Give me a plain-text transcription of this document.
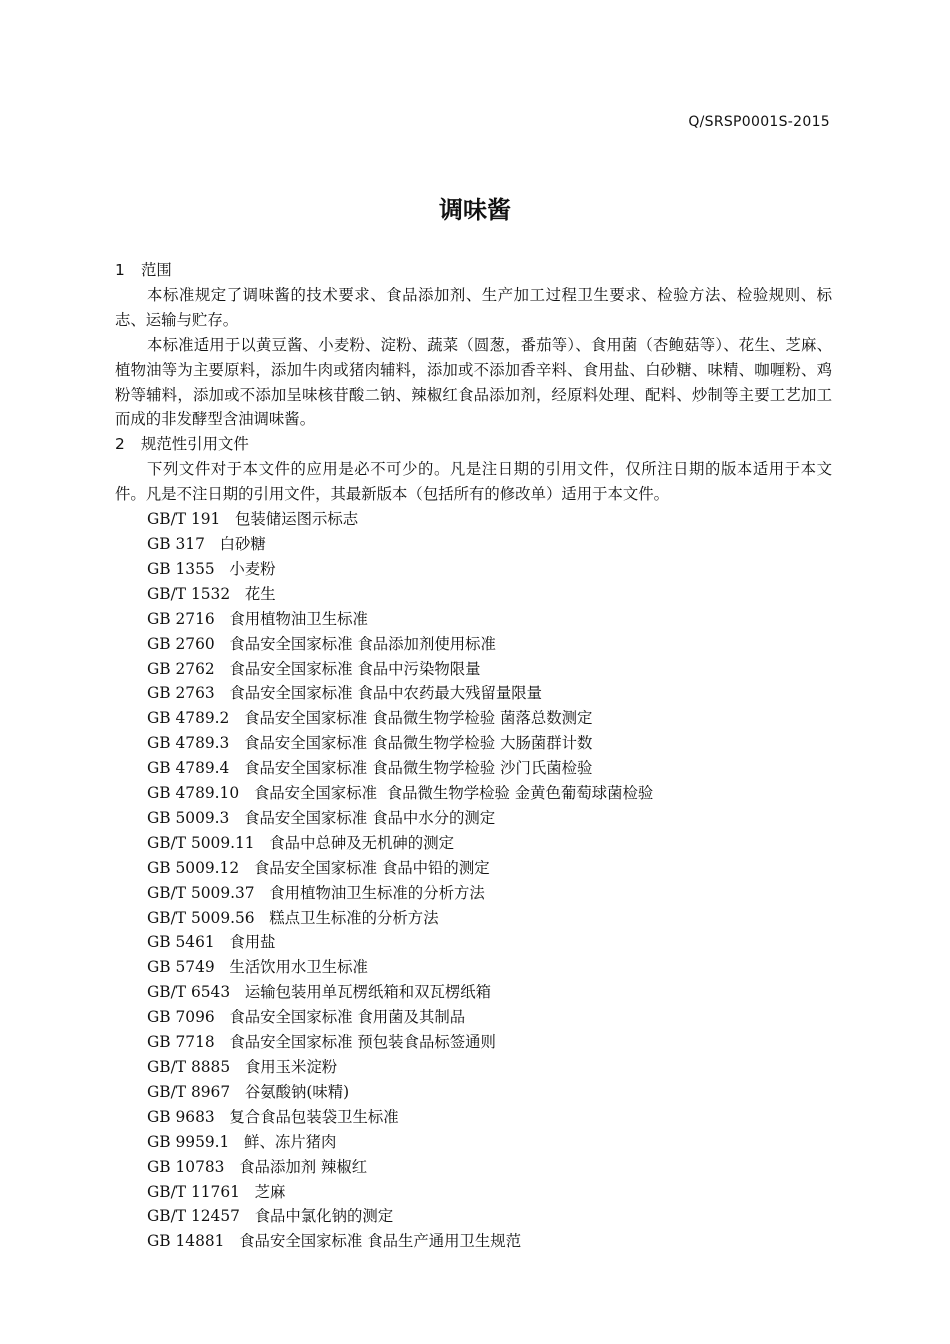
Q/SRSP0001S-2015
调味酱
1 范围
本标准规定了调味酱的技术要求、食品添加剂、生产加工过程卫生要求、检验方法、检验规则、标志、运输与贮存。
本标准适用于以黄豆酱、小麦粉、淀粉、蔬菜（圆葱，番茄等）、食用菌（杏鲍菇等）、花生、芝麻、植物油等为主要原料，添加牛肉或猪肉辅料，添加或不添加香辛料、食用盐、白砂糖、味精、咖喱粉、鸡粉等辅料，添加或不添加呈味核苷酸二钠、辣椒红食品添加剂，经原料处理、配料、炒制等主要工艺加工而成的非发酵型含油调味酱。
2 规范性引用文件
下列文件对于本文件的应用是必不可少的。凡是注日期的引用文件，仅所注日期的版本适用于本文件。凡是不注日期的引用文件，其最新版本（包括所有的修改单）适用于本文件。
GB/T 191 包装储运图示标志
GB 317 白砂糖
GB 1355 小麦粉
GB/T 1532 花生
GB 2716 食用植物油卫生标准
GB 2760 食品安全国家标准 食品添加剂使用标准
GB 2762 食品安全国家标准 食品中污染物限量
GB 2763 食品安全国家标准 食品中农药最大残留量限量
GB 4789.2 食品安全国家标准 食品微生物学检验 菌落总数测定
GB 4789.3 食品安全国家标准 食品微生物学检验 大肠菌群计数
GB 4789.4 食品安全国家标准 食品微生物学检验 沙门氏菌检验
GB 4789.10 食品安全国家标准  食品微生物学检验 金黄色葡萄球菌检验
GB 5009.3 食品安全国家标准 食品中水分的测定
GB/T 5009.11 食品中总砷及无机砷的测定
GB 5009.12 食品安全国家标准 食品中铅的测定
GB/T 5009.37 食用植物油卫生标准的分析方法
GB/T 5009.56 糕点卫生标准的分析方法
GB 5461 食用盐
GB 5749 生活饮用水卫生标准
GB/T 6543 运输包装用单瓦楞纸箱和双瓦楞纸箱
GB 7096 食品安全国家标准 食用菌及其制品
GB 7718 食品安全国家标准 预包装食品标签通则
GB/T 8885 食用玉米淀粉
GB/T 8967 谷氨酸钠(味精)
GB 9683 复合食品包装袋卫生标准
GB 9959.1 鲜、冻片猪肉
GB 10783 食品添加剂 辣椒红
GB/T 11761 芝麻
GB/T 12457 食品中氯化钠的测定
GB 14881 食品安全国家标准 食品生产通用卫生规范
